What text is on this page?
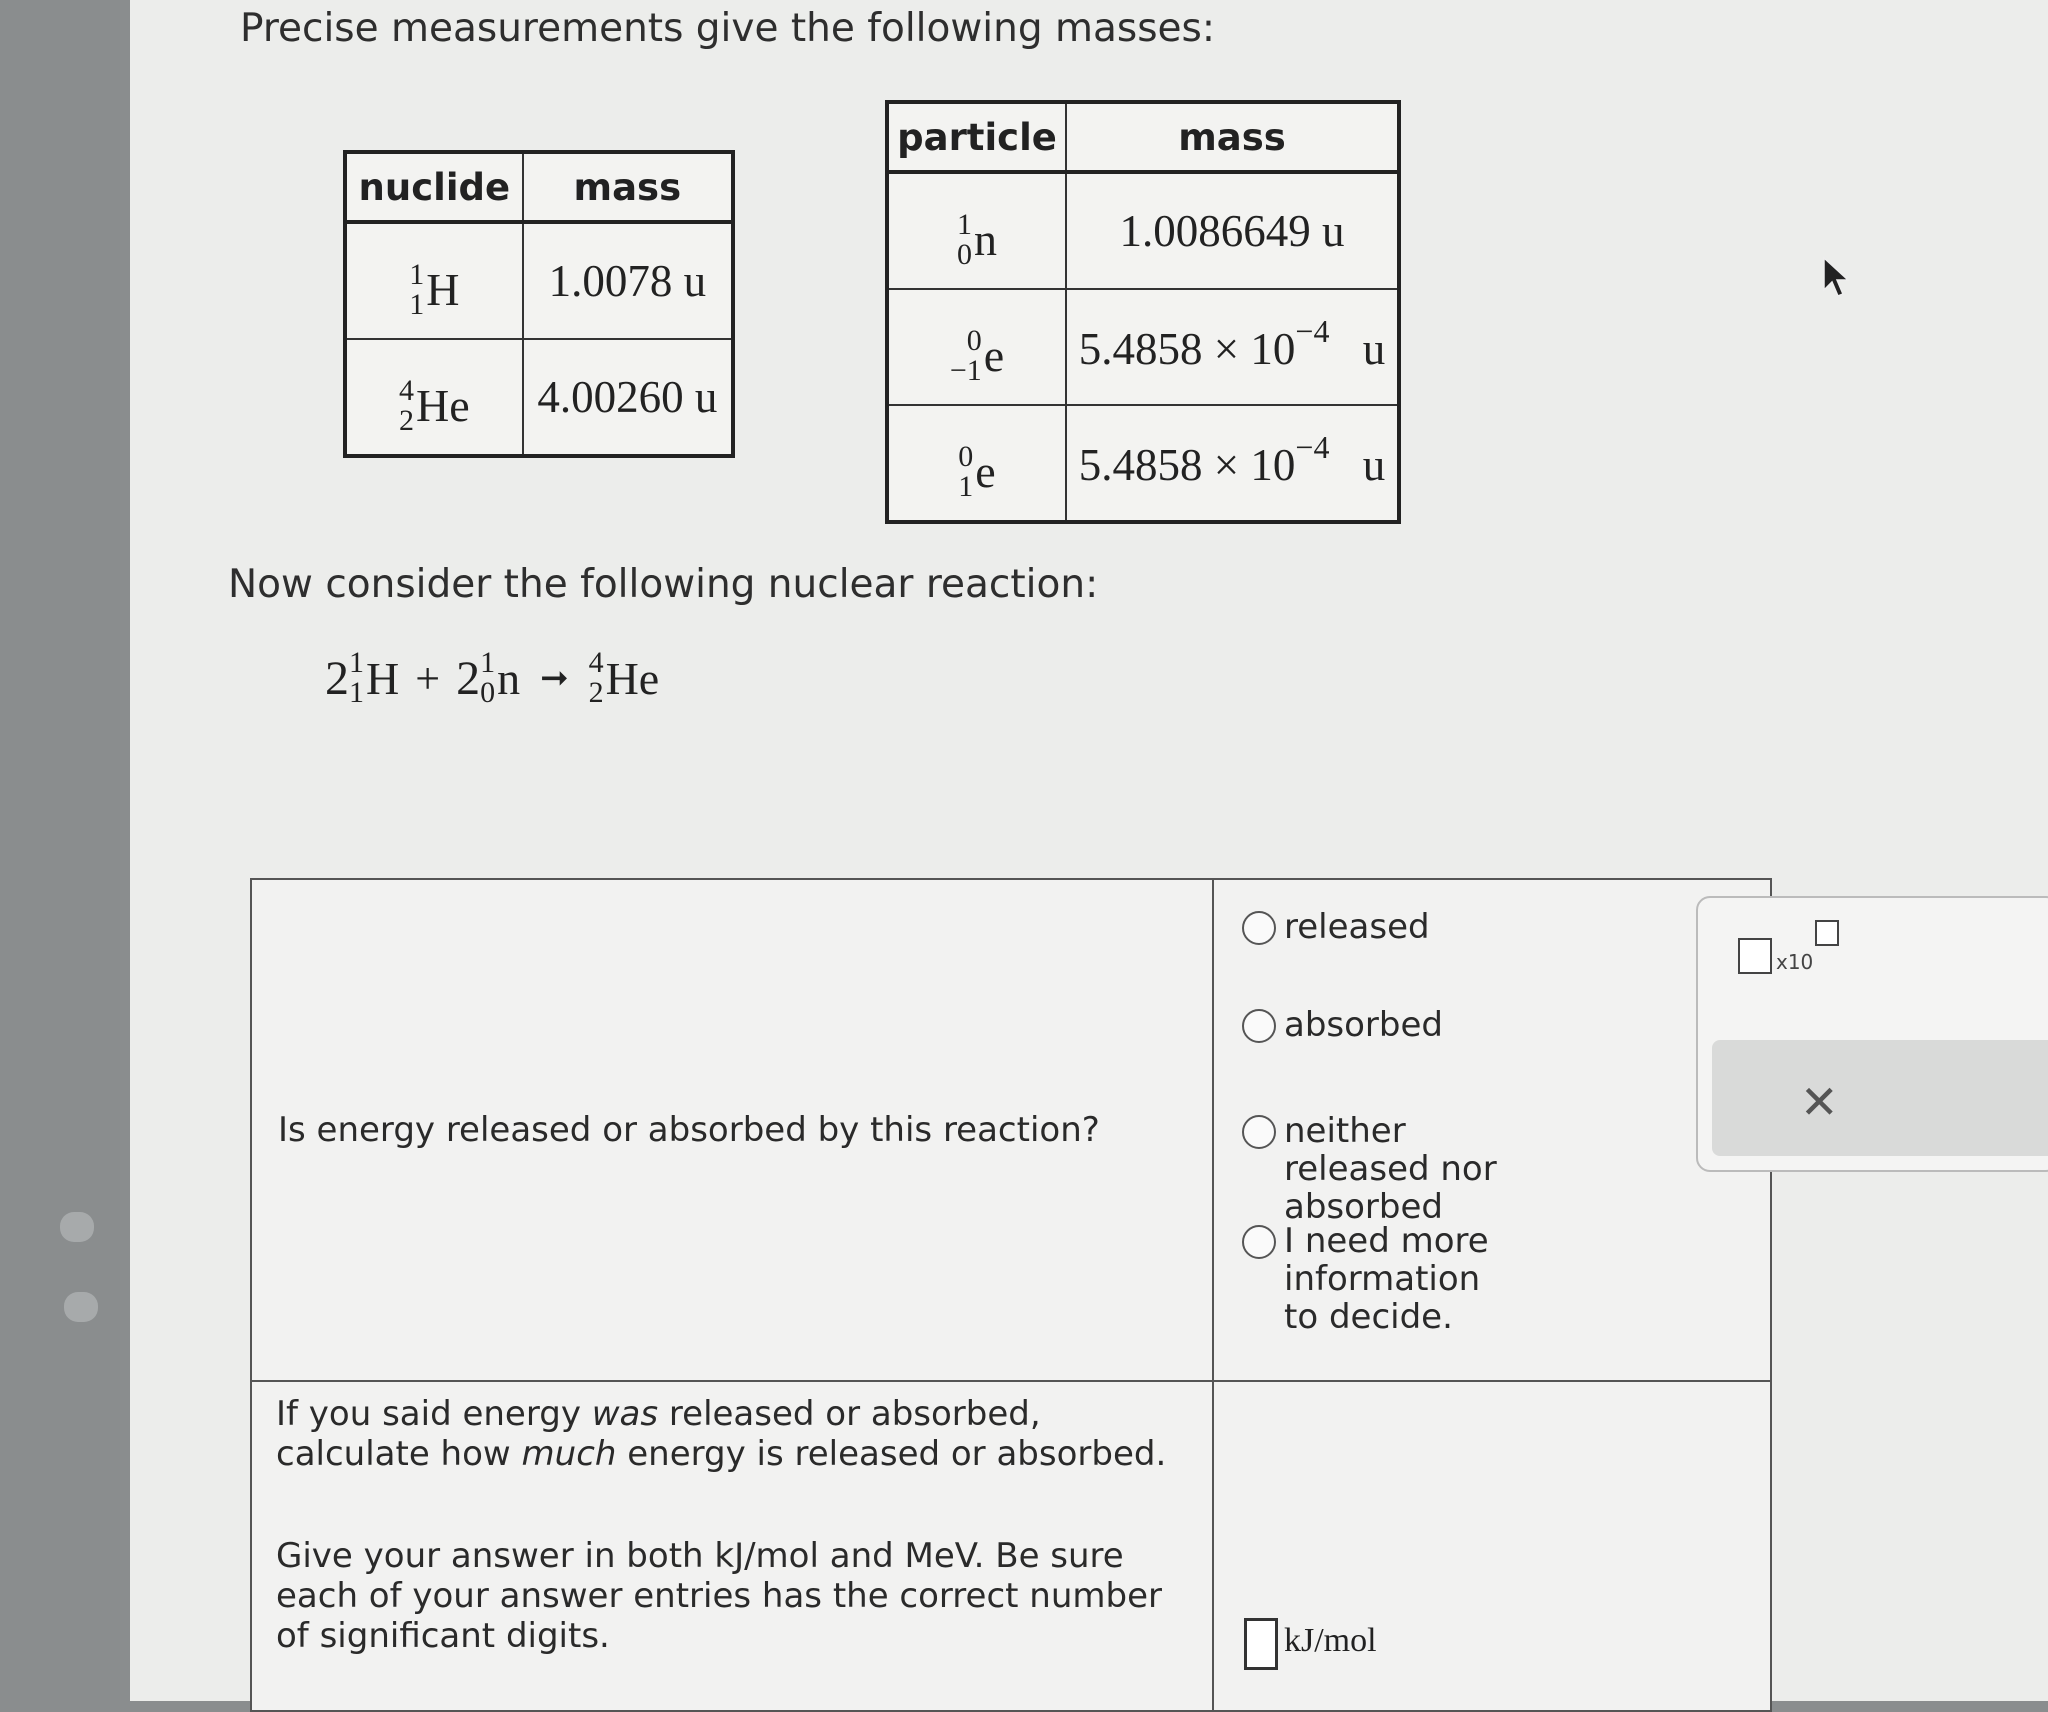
Precise measurements give the following masses:
nuclide	mass

1
1 H	1.0078 u

4
2 He	4.00260 u
particle	mass

1
0 n	1.0086649 u

0
−1 e	$5.4858 \times 10^{-4}$ u

0
1 e	$5.4858 \times 10^{-4}$ u
Now consider the following nuclear reaction:
2 1
1 H + 2 1
0 n ➞ 4
2 He
Is energy released or absorbed by this reaction?
released
absorbed
neither released nor absorbed
I need more information to decide.
If you said energy was released or absorbed, calculate how much energy is released or absorbed.
Give your answer in both kJ/mol and MeV. Be sure each of your answer entries has the correct number of significant digits.	kJ/mol
x10
✕
